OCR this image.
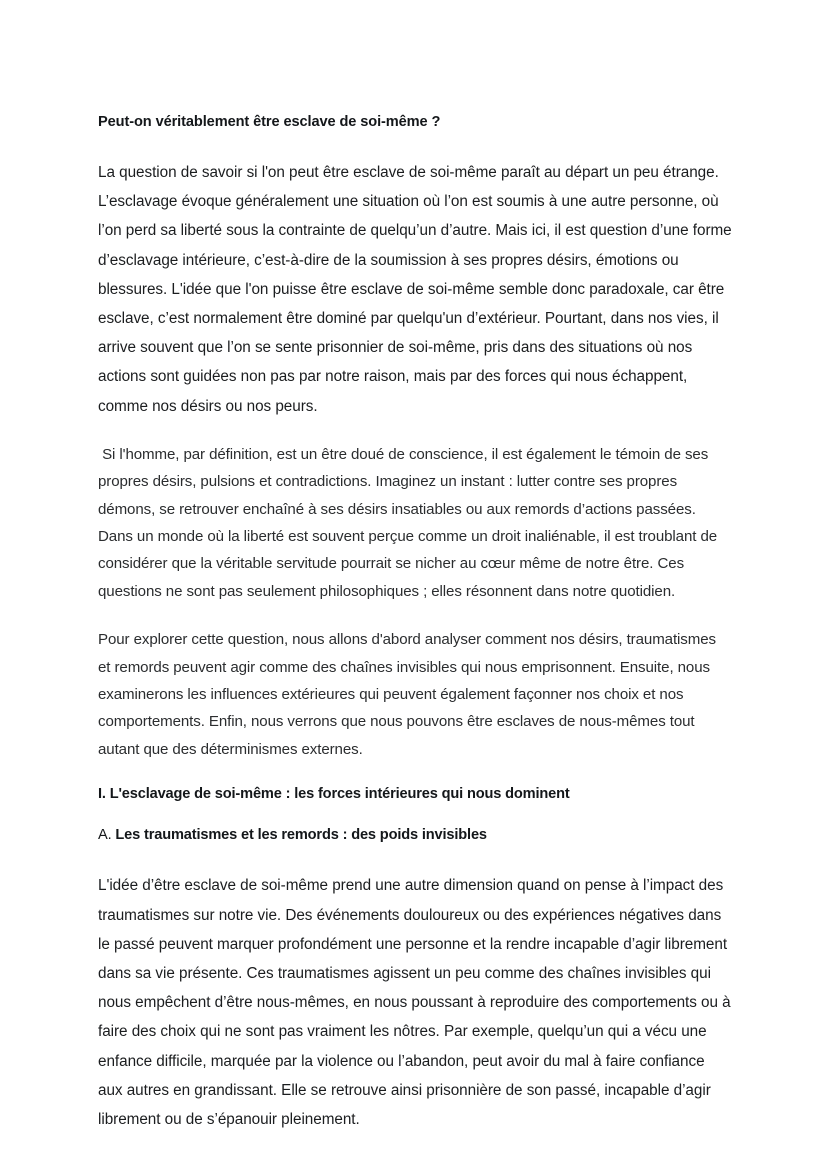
Peut-on véritablement être esclave de soi-même ?

La question de savoir si l'on peut être esclave de soi-même paraît au départ un peu étrange. L’esclavage évoque généralement une situation où l’on est soumis à une autre personne, où l’on perd sa liberté sous la contrainte de quelqu’un d’autre. Mais ici, il est question d’une forme d’esclavage intérieure, c’est-à-dire de la soumission à ses propres désirs, émotions ou blessures. L'idée que l'on puisse être esclave de soi-même semble donc paradoxale, car être esclave, c’est normalement être dominé par quelqu'un d’extérieur. Pourtant, dans nos vies, il arrive souvent que l’on se sente prisonnier de soi-même, pris dans des situations où nos actions sont guidées non pas par notre raison, mais par des forces qui nous échappent, comme nos désirs ou nos peurs.

Si l'homme, par définition, est un être doué de conscience, il est également le témoin de ses propres désirs, pulsions et contradictions. Imaginez un instant : lutter contre ses propres démons, se retrouver enchaîné à ses désirs insatiables ou aux remords d’actions passées. Dans un monde où la liberté est souvent perçue comme un droit inaliénable, il est troublant de considérer que la véritable servitude pourrait se nicher au cœur même de notre être. Ces questions ne sont pas seulement philosophiques ; elles résonnent dans notre quotidien.

Pour explorer cette question, nous allons d'abord analyser comment nos désirs, traumatismes et remords peuvent agir comme des chaînes invisibles qui nous emprisonnent. Ensuite, nous examinerons les influences extérieures qui peuvent également façonner nos choix et nos comportements. Enfin, nous verrons que nous pouvons être esclaves de nous-mêmes tout autant que des déterminismes externes.

I. L'esclavage de soi-même : les forces intérieures qui nous dominent
A. Les traumatismes et les remords : des poids invisibles

L'idée d’être esclave de soi-même prend une autre dimension quand on pense à l’impact des traumatismes sur notre vie. Des événements douloureux ou des expériences négatives dans le passé peuvent marquer profondément une personne et la rendre incapable d’agir librement dans sa vie présente. Ces traumatismes agissent un peu comme des chaînes invisibles qui nous empêchent d’être nous-mêmes, en nous poussant à reproduire des comportements ou à faire des choix qui ne sont pas vraiment les nôtres. Par exemple, quelqu’un qui a vécu une enfance difficile, marquée par la violence ou l’abandon, peut avoir du mal à faire confiance aux autres en grandissant. Elle se retrouve ainsi prisonnière de son passé, incapable d’agir librement ou de s’épanouir pleinement.
